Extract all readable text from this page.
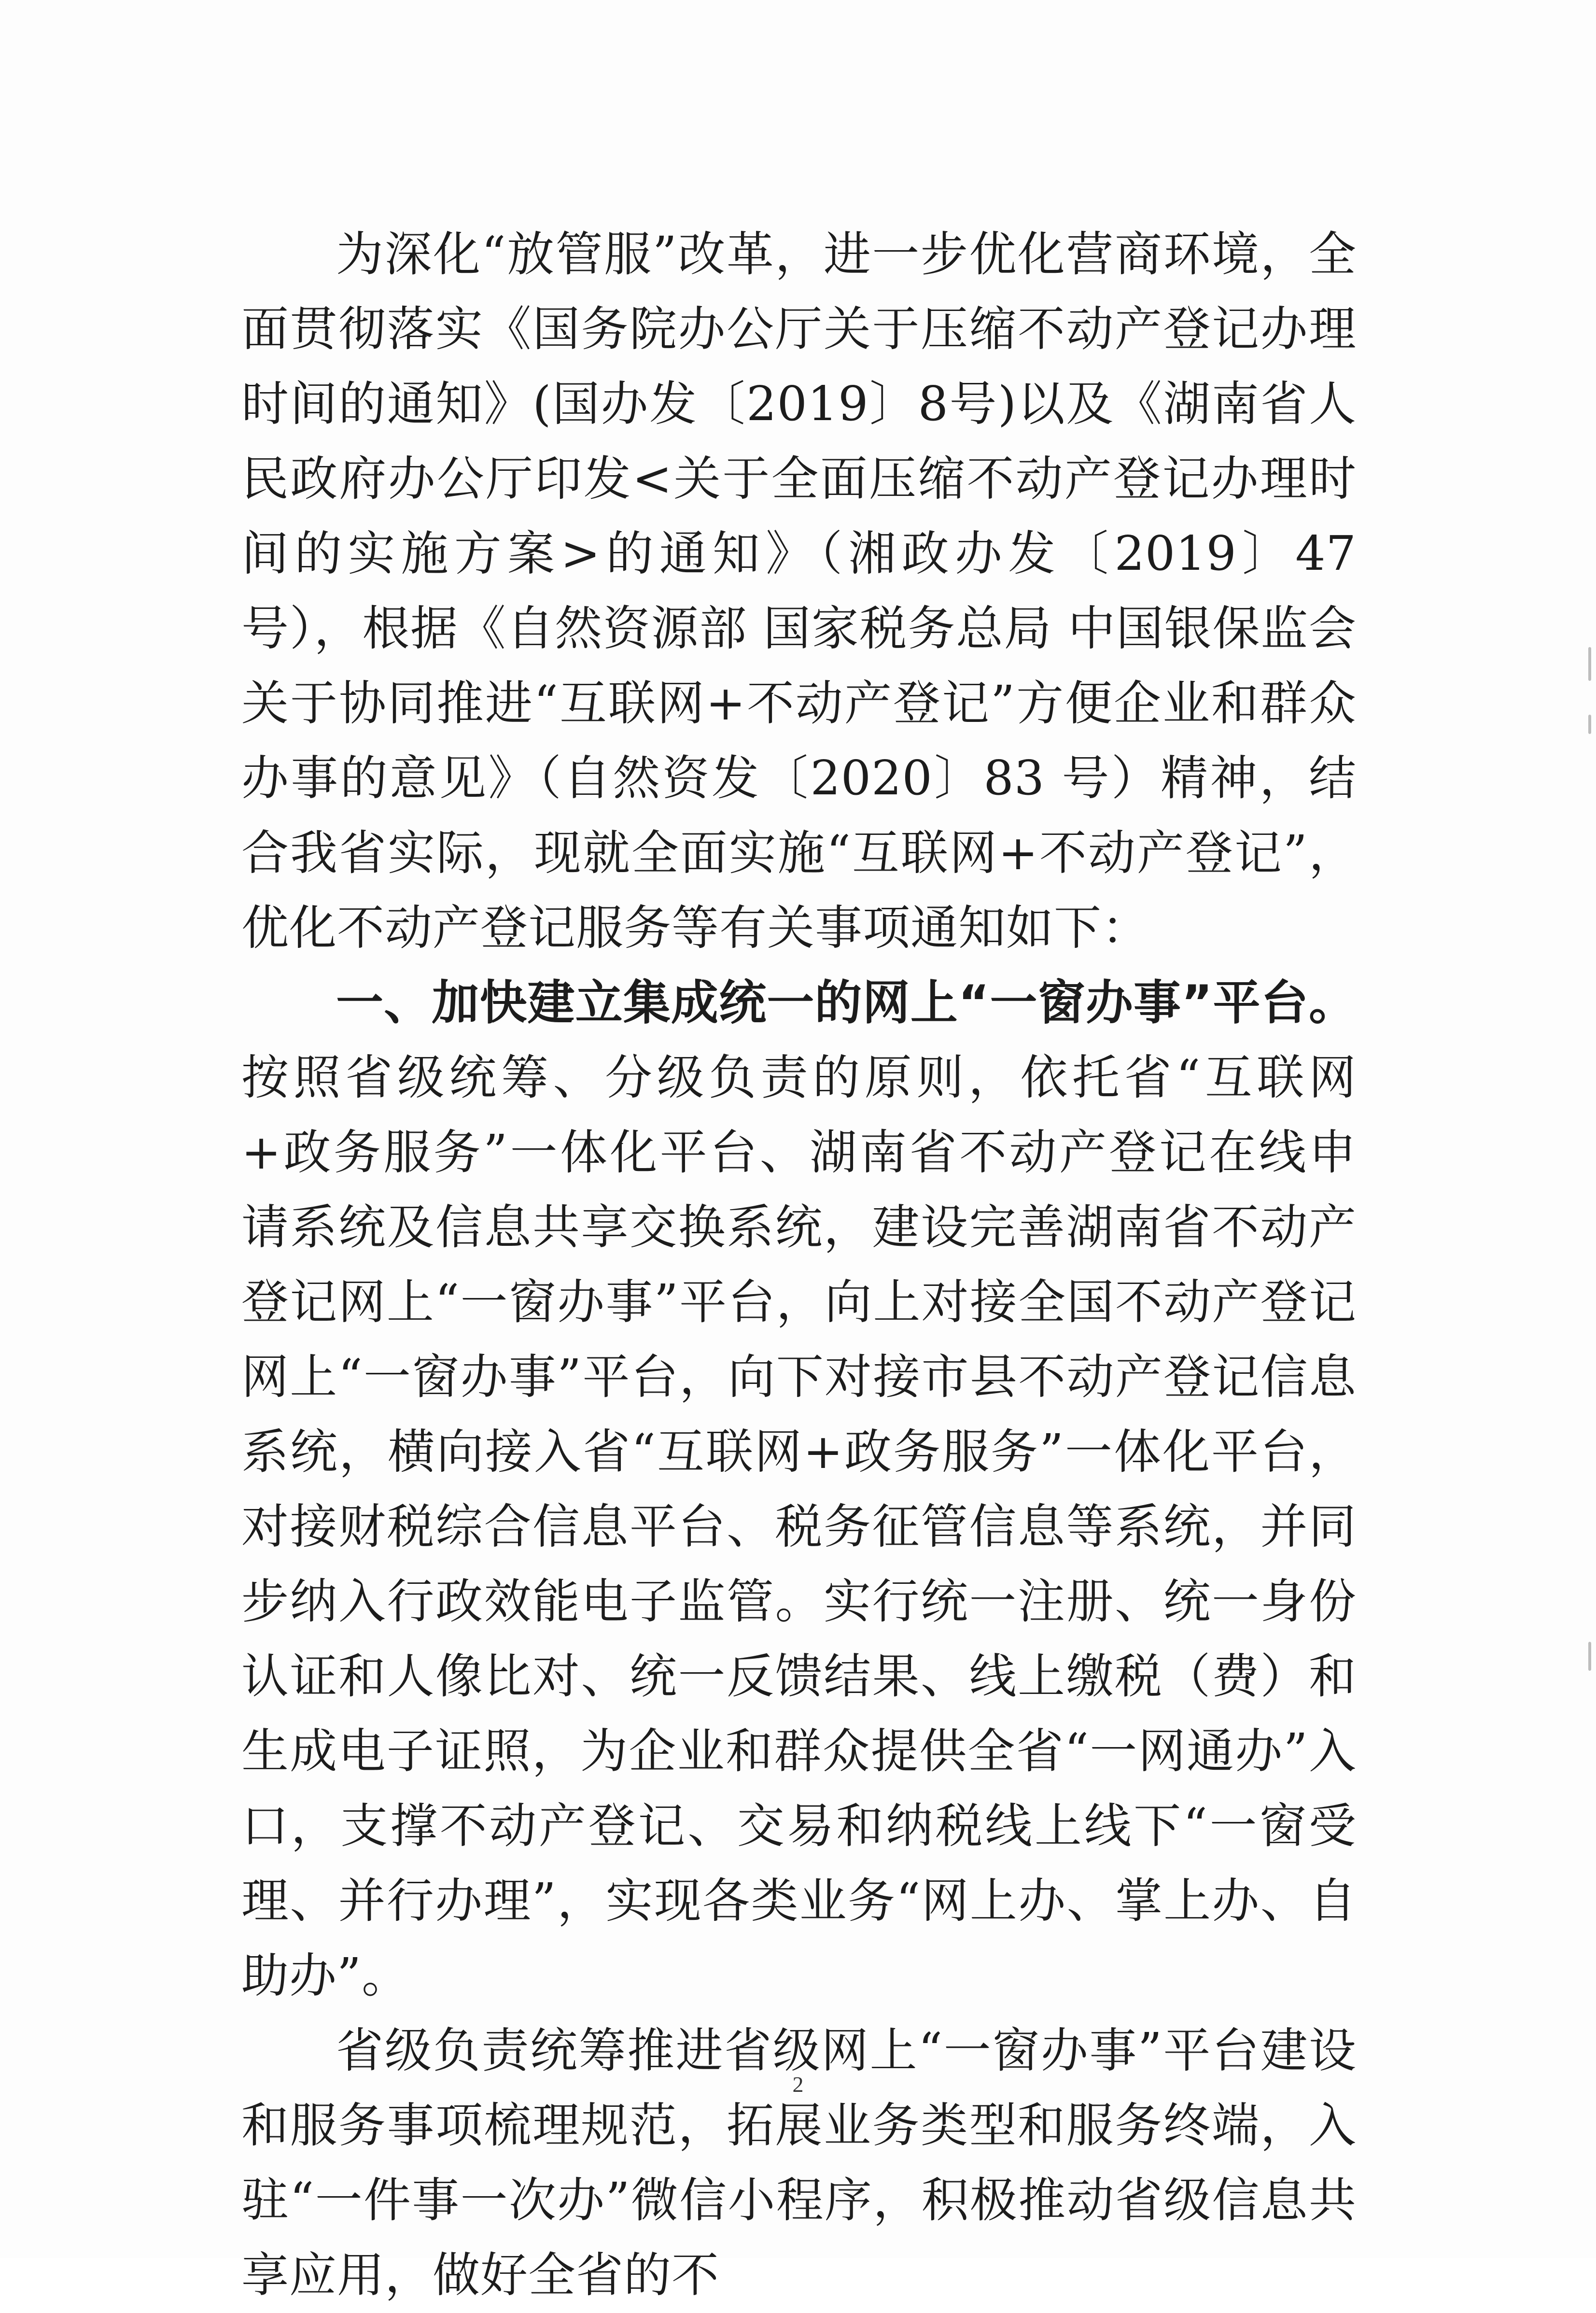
为深化“放管服”改革，进一步优化营商环境，全面贯彻落实《国务院办公厅关于压缩不动产登记办理时间的通知》(国办发〔2019〕8号)以及《湖南省人民政府办公厅印发<关于全面压缩不动产登记办理时间的实施方案>的通知》（湘政办发〔2019〕47号），根据《自然资源部 国家税务总局 中国银保监会关于协同推进“互联网+不动产登记”方便企业和群众办事的意见》（自然资发〔2020〕83 号）精神，结合我省实际，现就全面实施“互联网+不动产登记”，优化不动产登记服务等有关事项通知如下：

一、加快建立集成统一的网上“一窗办事”平台。按照省级统筹、分级负责的原则，依托省“互联网+政务服务”一体化平台、湖南省不动产登记在线申请系统及信息共享交换系统，建设完善湖南省不动产登记网上“一窗办事”平台，向上对接全国不动产登记网上“一窗办事”平台，向下对接市县不动产登记信息系统，横向接入省“互联网+政务服务”一体化平台，对接财税综合信息平台、税务征管信息等系统，并同步纳入行政效能电子监管。实行统一注册、统一身份认证和人像比对、统一反馈结果、线上缴税（费）和生成电子证照，为企业和群众提供全省“一网通办”入口，支撑不动产登记、交易和纳税线上线下“一窗受理、并行办理”，实现各类业务“网上办、掌上办、自助办”。

省级负责统筹推进省级网上“一窗办事”平台建设和服务事项梳理规范，拓展业务类型和服务终端，入驻“一件事一次办”微信小程序，积极推动省级信息共享应用，做好全省的不

2
